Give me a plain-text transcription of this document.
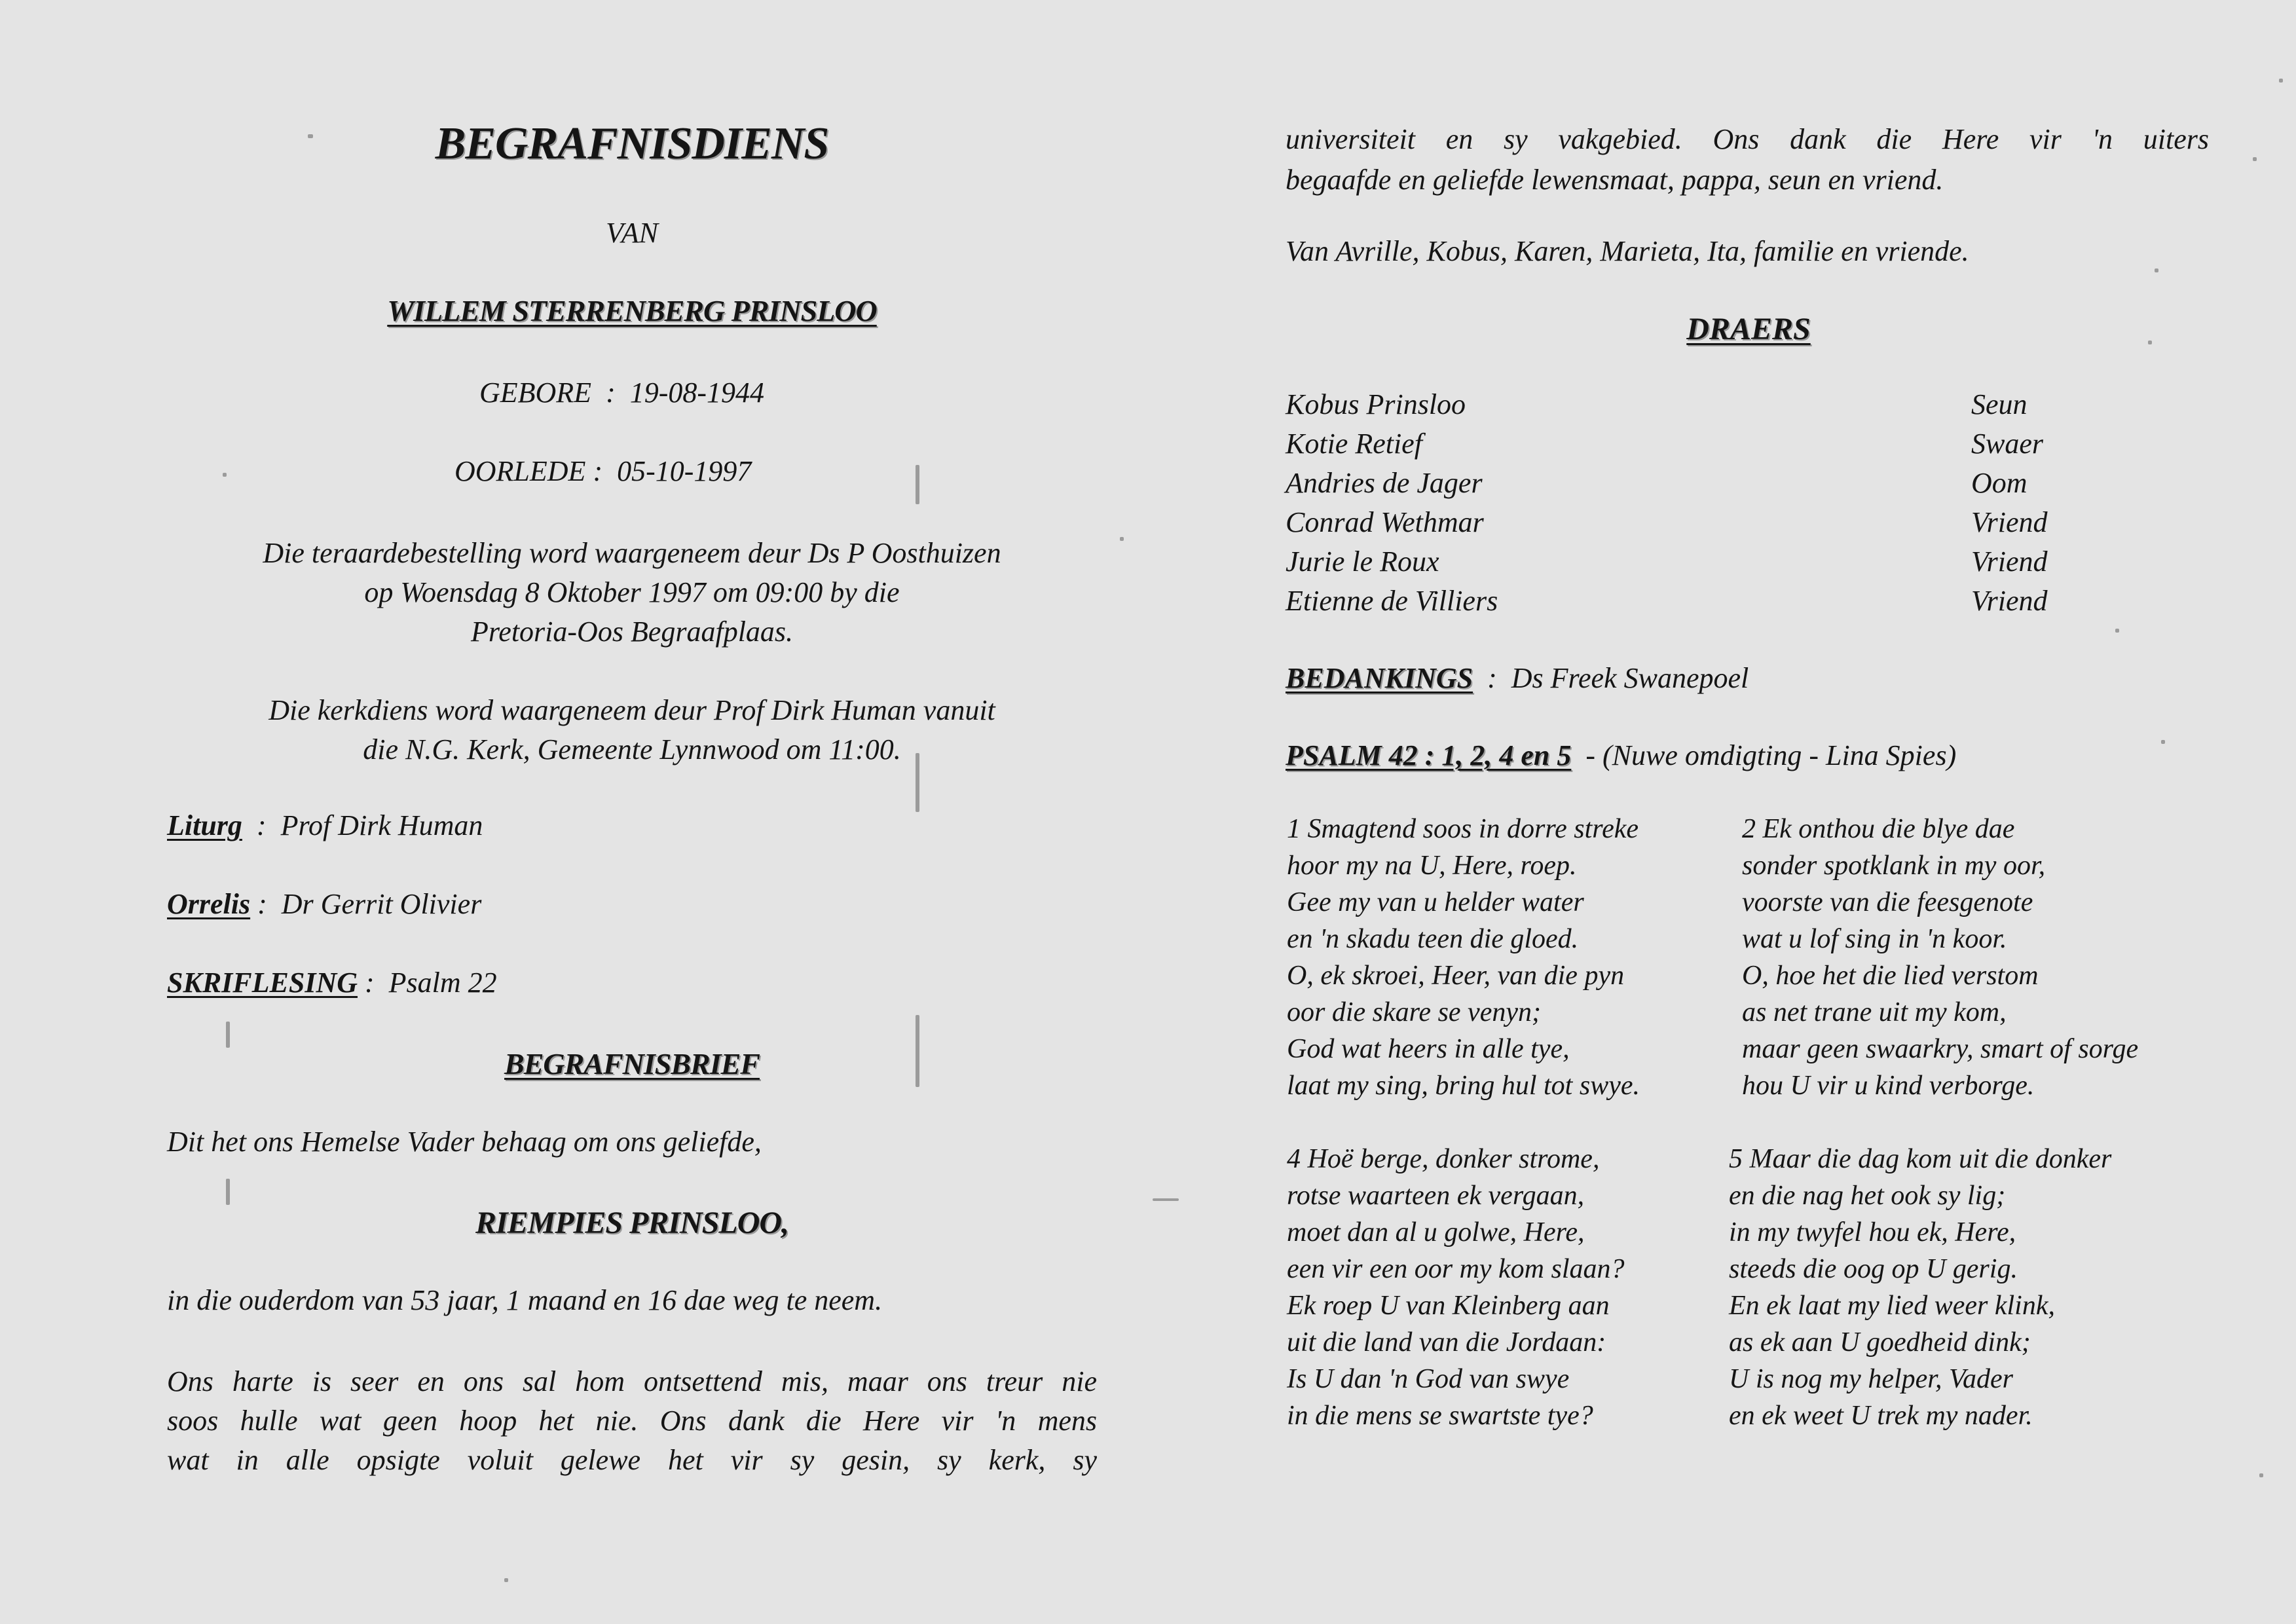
BEGRAFNISDIENS
VAN
WILLEM STERRENBERG PRINSLOO
GEBORE  :  19-08-1944
OORLEDE :  05-10-1997
Die teraardebestelling word waargeneem deur Ds P Oosthuizen
op Woensdag 8 Oktober 1997 om 09:00 by die
Pretoria-Oos Begraafplaas.
Die kerkdiens word waargeneem deur Prof Dirk Human vanuit
die N.G. Kerk, Gemeente Lynnwood om 11:00.
Liturg  :  Prof Dirk Human
Orrelis :  Dr Gerrit Olivier
SKRIFLESING :  Psalm 22
BEGRAFNISBRIEF
Dit het ons Hemelse Vader behaag om ons geliefde,
RIEMPIES PRINSLOO,
in die ouderdom van 53 jaar, 1 maand en 16 dae weg te neem.
Ons harte is seer en ons sal hom ontsettend mis, maar ons treur nie
soos hulle wat geen hoop het nie. Ons dank die Here vir 'n mens
wat in alle opsigte voluit gelewe het vir sy gesin, sy kerk, sy
universiteit en sy vakgebied. Ons dank die Here vir 'n uiters
begaafde en geliefde lewensmaat, pappa, seun en vriend.
Van Avrille, Kobus, Karen, Marieta, Ita, familie en vriende.
DRAERS
Kobus Prinsloo	Seun
Kotie Retief	Swaer
Andries de Jager	Oom
Conrad Wethmar	Vriend
Jurie le Roux	Vriend
Etienne de Villiers	Vriend
BEDANKINGS  :  Ds Freek Swanepoel
PSALM 42 : 1, 2, 4 en 5 - (Nuwe omdigting - Lina Spies)
1 Smagtend soos in dorre streke
hoor my na U, Here, roep.
Gee my van u helder water
en 'n skadu teen die gloed.
O, ek skroei, Heer, van die pyn
oor die skare se venyn;
God wat heers in alle tye,
laat my sing, bring hul tot swye.
2 Ek onthou die blye dae
sonder spotklank in my oor,
voorste van die feesgenote
wat u lof sing in 'n koor.
O, hoe het die lied verstom
as net trane uit my kom,
maar geen swaarkry, smart of sorge
hou U vir u kind verborge.
4 Hoë berge, donker strome,
rotse waarteen ek vergaan,
moet dan al u golwe, Here,
een vir een oor my kom slaan?
Ek roep U van Kleinberg aan
uit die land van die Jordaan:
Is U dan 'n God van swye
in die mens se swartste tye?
5 Maar die dag kom uit die donker
en die nag het ook sy lig;
in my twyfel hou ek, Here,
steeds die oog op U gerig.
En ek laat my lied weer klink,
as ek aan U goedheid dink;
U is nog my helper, Vader
en ek weet U trek my nader.
